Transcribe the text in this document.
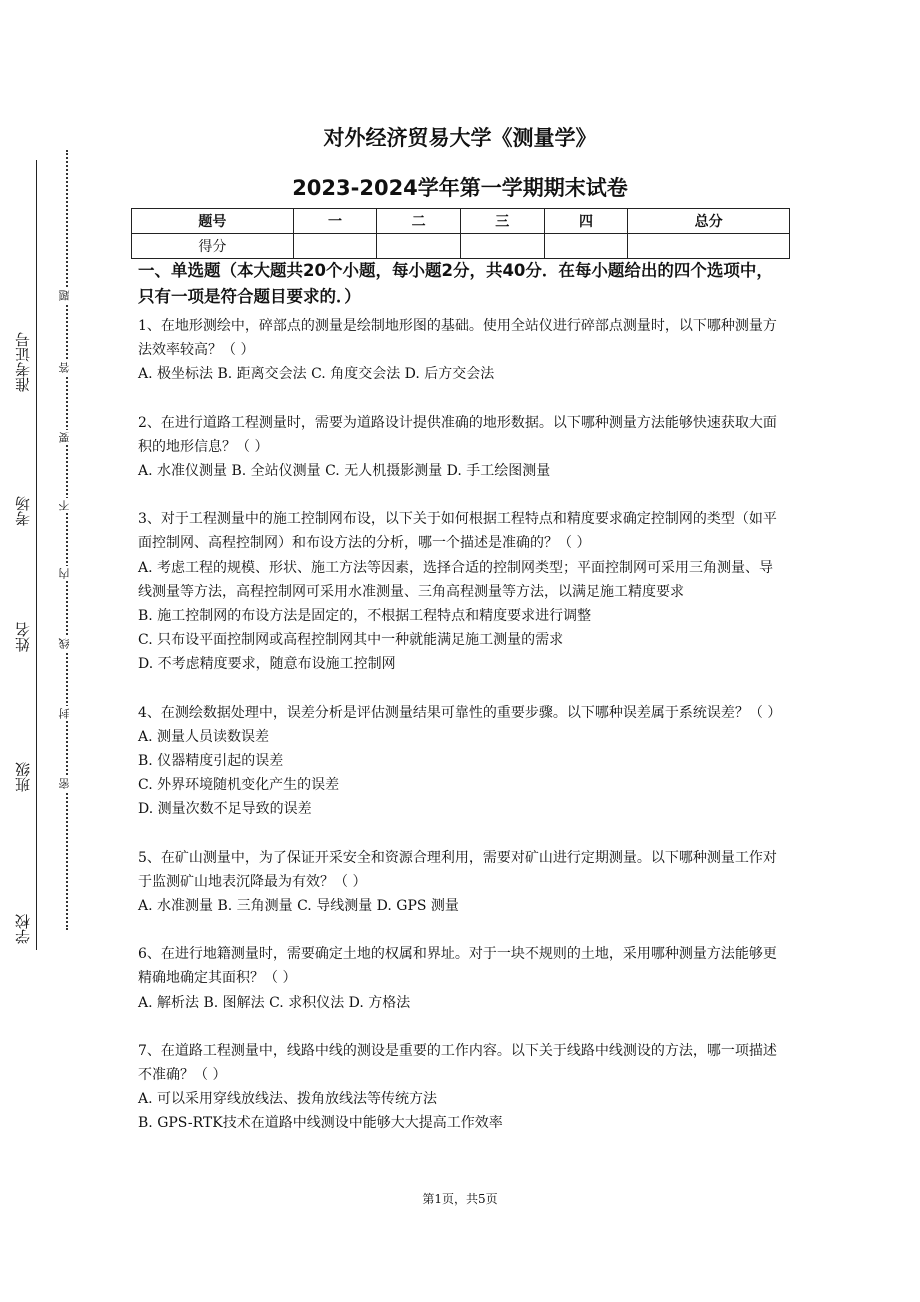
准考证号
考场
姓名
班级
学校
题
答
要
不
内
线
封
密
对外经济贸易大学《测量学》
2023-2024学年第一学期期末试卷
题号	一	二	三	四	总分
得分					

一、单选题（本大题共20个小题，每小题2分，共40分．在每小题给出的四个选项中，只有一项是符合题目要求的．）

1、在地形测绘中，碎部点的测量是绘制地形图的基础。使用全站仪进行碎部点测量时，以下哪种测量方法效率较高？（ ）

A. 极坐标法 B. 距离交会法 C. 角度交会法 D. 后方交会法

2、在进行道路工程测量时，需要为道路设计提供准确的地形数据。以下哪种测量方法能够快速获取大面积的地形信息？（ ）

A. 水准仪测量 B. 全站仪测量 C. 无人机摄影测量 D. 手工绘图测量

3、对于工程测量中的施工控制网布设，以下关于如何根据工程特点和精度要求确定控制网的类型（如平面控制网、高程控制网）和布设方法的分析，哪一个描述是准确的？（ ）

A. 考虑工程的规模、形状、施工方法等因素，选择合适的控制网类型；平面控制网可采用三角测量、导线测量等方法，高程控制网可采用水准测量、三角高程测量等方法，以满足施工精度要求
B. 施工控制网的布设方法是固定的，不根据工程特点和精度要求进行调整
C. 只布设平面控制网或高程控制网其中一种就能满足施工测量的需求
D. 不考虑精度要求，随意布设施工控制网

4、在测绘数据处理中，误差分析是评估测量结果可靠性的重要步骤。以下哪种误差属于系统误差？（ ）

A. 测量人员读数误差
B. 仪器精度引起的误差
C. 外界环境随机变化产生的误差
D. 测量次数不足导致的误差

5、在矿山测量中，为了保证开采安全和资源合理利用，需要对矿山进行定期测量。以下哪种测量工作对于监测矿山地表沉降最为有效？（ ）

A. 水准测量 B. 三角测量 C. 导线测量 D. GPS 测量

6、在进行地籍测量时，需要确定土地的权属和界址。对于一块不规则的土地，采用哪种测量方法能够更精确地确定其面积？（ ）

A. 解析法 B. 图解法 C. 求积仪法 D. 方格法

7、在道路工程测量中，线路中线的测设是重要的工作内容。以下关于线路中线测设的方法，哪一项描述不准确？（ ）

A. 可以采用穿线放线法、拨角放线法等传统方法
B. GPS-RTK技术在道路中线测设中能够大大提高工作效率
第1页，共5页
